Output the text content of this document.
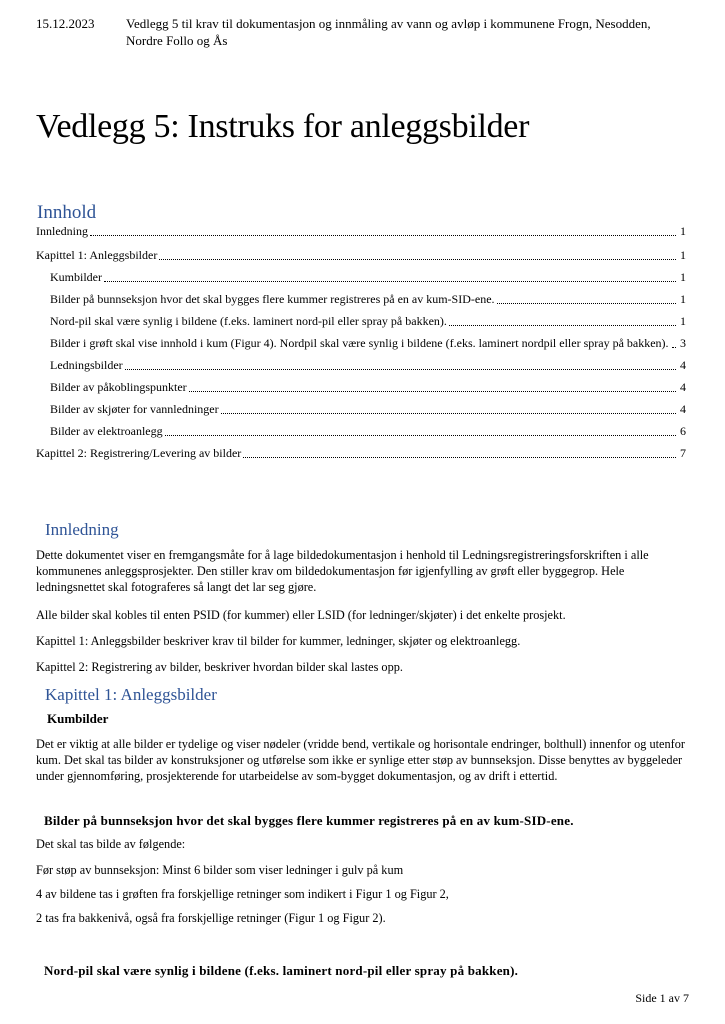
15.12.2023	Vedlegg 5 til krav til dokumentasjon og innmåling av vann og avløp i kommunene Frogn, Nesodden, Nordre Follo og Ås
Vedlegg 5: Instruks for anleggsbilder
Innhold
Innledning	1
Kapittel 1: Anleggsbilder	1
Kumbilder	1
Bilder på bunnseksjon hvor det skal bygges flere kummer registreres på en av kum-SID-ene.	1
Nord-pil skal være synlig i bildene (f.eks. laminert nord-pil eller spray på bakken).	1
Bilder i grøft skal vise innhold i kum (Figur 4). Nordpil skal være synlig i bildene (f.eks. laminert nordpil eller spray på bakken). 3
Ledningsbilder	4
Bilder av påkoblingspunkter	4
Bilder av skjøter for vannledninger	4
Bilder av elektroanlegg	6
Kapittel 2: Registrering/Levering av bilder	7
Innledning

Dette dokumentet viser en fremgangsmåte for å lage bildedokumentasjon i henhold til Ledningsregistreringsforskriften i alle kommunenes anleggsprosjekter. Den stiller krav om bildedokumentasjon før igjenfylling av grøft eller byggegrop. Hele ledningsnettet skal fotograferes så langt det lar seg gjøre.

Alle bilder skal kobles til enten PSID (for kummer) eller LSID (for ledninger/skjøter) i det enkelte prosjekt.

Kapittel 1: Anleggsbilder beskriver krav til bilder for kummer, ledninger, skjøter og elektroanlegg.

Kapittel 2: Registrering av bilder, beskriver hvordan bilder skal lastes opp.

Kapittel 1: Anleggsbilder
Kumbilder

Det er viktig at alle bilder er tydelige og viser nødeler (vridde bend, vertikale og horisontale endringer, bolthull) innenfor og utenfor kum. Det skal tas bilder av konstruksjoner og utførelse som ikke er synlige etter støp av bunnseksjon. Disse benyttes av byggeleder under gjennomføring, prosjekterende for utarbeidelse av som-bygget dokumentasjon, og av drift i ettertid.

Bilder på bunnseksjon hvor det skal bygges flere kummer registreres på en av kum-SID-ene.

Det skal tas bilde av følgende:

Før støp av bunnseksjon: Minst 6 bilder som viser ledninger i gulv på kum

4 av bildene tas i grøften fra forskjellige retninger som indikert i Figur 1 og Figur 2,

2 tas fra bakkenivå, også fra forskjellige retninger (Figur 1 og Figur 2).

Nord-pil skal være synlig i bildene (f.eks. laminert nord-pil eller spray på bakken).
Side 1 av 7
